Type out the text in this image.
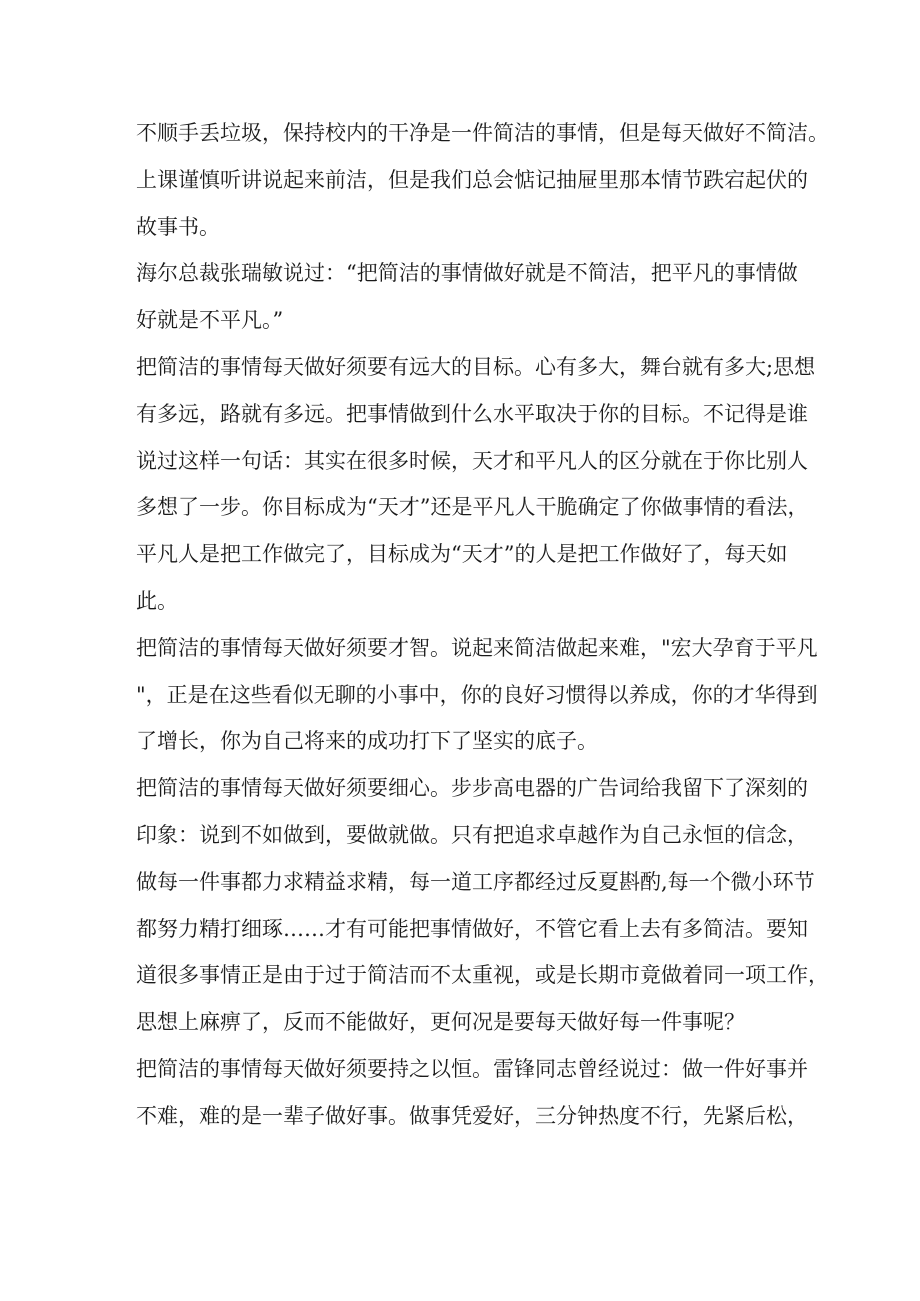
不顺手丢垃圾，保持校内的干净是一件简洁的事情，但是每天做好不简洁。
上课谨慎听讲说起来前洁，但是我们总会惦记抽屉里那本情节跌宕起伏的
故事书。
海尔总裁张瑞敏说过：“把简洁的事情做好就是不简洁，把平凡的事情做
好就是不平凡。”
把简洁的事情每天做好须要有远大的目标。心有多大，舞台就有多大;思想
有多远，路就有多远。把事情做到什么水平取决于你的目标。不记得是谁
说过这样一句话：其实在很多时候，天才和平凡人的区分就在于你比别人
多想了一步。你目标成为“天才”还是平凡人干脆确定了你做事情的看法，
平凡人是把工作做完了，目标成为“天才”的人是把工作做好了，每天如
此。
把简洁的事情每天做好须要才智。说起来简洁做起来难，"宏大孕育于平凡
"，正是在这些看似无聊的小事中，你的良好习惯得以养成，你的才华得到
了增长，你为自己将来的成功打下了坚实的底子。
把简洁的事情每天做好须要细心。步步高电器的广告词给我留下了深刻的
印象：说到不如做到，要做就做。只有把追求卓越作为自己永恒的信念，
做每一件事都力求精益求精，每一道工序都经过反夏斟酌,每一个微小环节
都努力精打细琢……才有可能把事情做好，不管它看上去有多简洁。要知
道很多事情正是由于过于简洁而不太重视，或是长期市竟做着同一项工作，
思想上麻痹了，反而不能做好，更何况是要每天做好每一件事呢？
把简洁的事情每天做好须要持之以恒。雷锋同志曾经说过：做一件好事并
不难，难的是一辈子做好事。做事凭爱好，三分钟热度不行，先紧后松，
